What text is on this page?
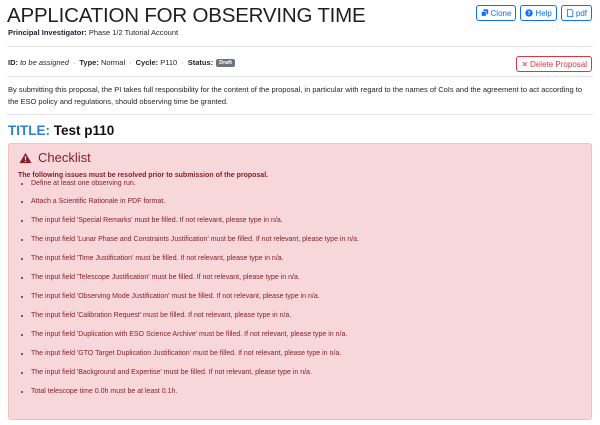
APPLICATION FOR OBSERVING TIME	Clone ? Help	pdf
Principal Investigator: Phase 1/2 Tutorial Account
ID:
to be assigned · Type:
Normal · Cycle:
P110 · Status:	Draft	✕ Delete Proposal
By submitting this proposal, the PI takes full responsibility for the content of the proposal, in particular with regard to the names of CoIs and the agreement to act according to the ESO policy and regulations, should observing time be granted.
TITLE: Test p110
Checklist
The following issues must be resolved prior to submission of the proposal.
• Define at least one observing run.
• Attach a Scientific Rationale in PDF format.
• The input field 'Special Remarks' must be filled. If not relevant, please type in n/a.
• The input field 'Lunar Phase and Constraints Justification' must be filled. If not relevant, please type in n/a.
• The input field 'Time Justification' must be filled. If not relevant, please type in n/a.
• The input field 'Telescope Justification' must be filled. If not relevant, please type in n/a.
• The input field 'Observing Mode Justification' must be filled. If not relevant, please type in n/a.
• The input field 'Calibration Request' must be filled. If not relevant, please type in n/a.
• The input field 'Duplication with ESO Science Archive' must be filled. If not relevant, please type in n/a.
• The input field 'GTO Target Duplication Justification' must be filled. If not relevant, please type in n/a.
• The input field 'Background and Expertise' must be filled. If not relevant, please type in n/a.
• Total telescope time 0.0h must be at least 0.1h.
